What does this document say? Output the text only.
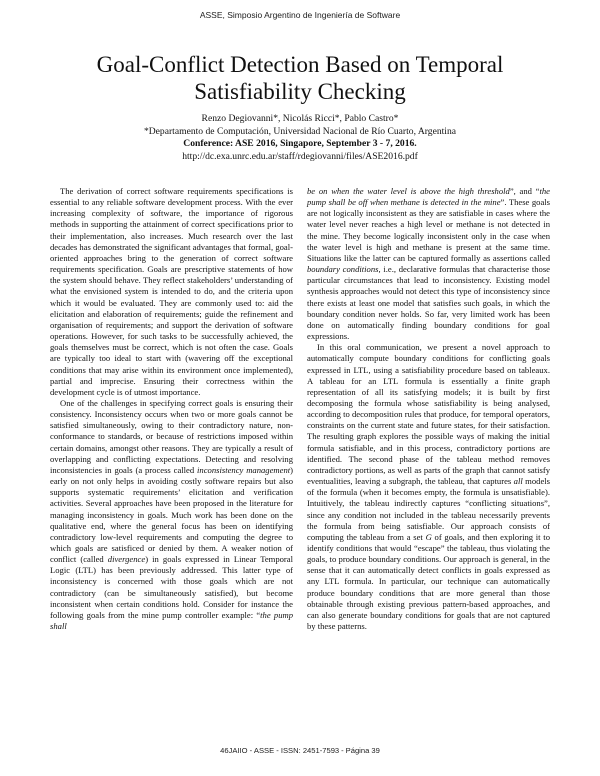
ASSE, Simposio Argentino de Ingeniería de Software
Goal-Conflict Detection Based on Temporal
Satisfiability Checking
Renzo Degiovanni*, Nicolás Ricci*, Pablo Castro*
*Departamento de Computación, Universidad Nacional de Río Cuarto, Argentina
Conference: ASE 2016, Singapore, September 3 - 7, 2016.
http://dc.exa.unrc.edu.ar/staff/rdegiovanni/files/ASE2016.pdf

The derivation of correct software requirements specifications is essential to any reliable software development process. With the ever increasing complexity of software, the importance of rigorous methods in supporting the attainment of correct specifications prior to their implementation, also increases. Much research over the last decades has demonstrated the significant advantages that formal, goal-oriented approaches bring to the generation of correct software requirements specification. Goals are prescriptive statements of how the system should behave. They reflect stakeholders’ understanding of what the envisioned system is intended to do, and the criteria upon which it would be evaluated. They are commonly used to: aid the elicitation and elaboration of requirements; guide the refinement and organisation of requirements; and support the derivation of software operations. However, for such tasks to be successfully achieved, the goals themselves must be correct, which is not often the case. Goals are typically too ideal to start with (wavering off the exceptional conditions that may arise within its environment once implemented), partial and imprecise. Ensuring their correctness within the development cycle is of utmost importance.

One of the challenges in specifying correct goals is ensuring their consistency. Inconsistency occurs when two or more goals cannot be satisfied simultaneously, owing to their contradictory nature, non-conformance to standards, or because of restrictions imposed within certain domains, amongst other reasons. They are typically a result of overlapping and conflicting expectations. Detecting and resolving inconsistencies in goals (a process called inconsistency management) early on not only helps in avoiding costly software repairs but also supports systematic requirements’ elicitation and verification activities. Several approaches have been proposed in the literature for managing inconsistency in goals. Much work has been done on the qualitative end, where the general focus has been on identifying contradictory low-level requirements and computing the degree to which goals are satisficed or denied by them. A weaker notion of conflict (called divergence) in goals expressed in Linear Temporal Logic (LTL) has been previously addressed. This latter type of inconsistency is concerned with those goals which are not contradictory (can be simultaneously satisfied), but become inconsistent when certain conditions hold. Consider for instance the following goals from the mine pump controller example: “the pump shall

be on when the water level is above the high threshold”, and “the pump shall be off when methane is detected in the mine”. These goals are not logically inconsistent as they are satisfiable in cases where the water level never reaches a high level or methane is not detected in the mine. They become logically inconsistent only in the case when the water level is high and methane is present at the same time. Situations like the latter can be captured formally as assertions called boundary conditions, i.e., declarative formulas that characterise those particular circumstances that lead to inconsistency. Existing model synthesis approaches would not detect this type of inconsistency since there exists at least one model that satisfies such goals, in which the boundary condition never holds. So far, very limited work has been done on automatically finding boundary conditions for goal expressions.

In this oral communication, we present a novel approach to automatically compute boundary conditions for conflicting goals expressed in LTL, using a satisfiability procedure based on tableaux. A tableau for an LTL formula is essentially a finite graph representation of all its satisfying models; it is built by first decomposing the formula whose satisfiability is being analysed, according to decomposition rules that produce, for temporal operators, constraints on the current state and future states, for their satisfaction. The resulting graph explores the possible ways of making the initial formula satisfiable, and in this process, contradictory portions are identified. The second phase of the tableau method removes contradictory portions, as well as parts of the graph that cannot satisfy eventualities, leaving a subgraph, the tableau, that captures all models of the formula (when it becomes empty, the formula is unsatisfiable). Intuitively, the tableau indirectly captures “conflicting situations”, since any condition not included in the tableau necessarily prevents the formula from being satisfiable. Our approach consists of computing the tableau from a set G of goals, and then exploring it to identify conditions that would “escape” the tableau, thus violating the goals, to produce boundary conditions. Our approach is general, in the sense that it can automatically detect conflicts in goals expressed as any LTL formula. In particular, our technique can automatically produce boundary conditions that are more general than those obtainable through existing previous pattern-based approaches, and can also generate boundary conditions for goals that are not captured by these patterns.

46JAIIO - ASSE - ISSN: 2451-7593 - Página 39
